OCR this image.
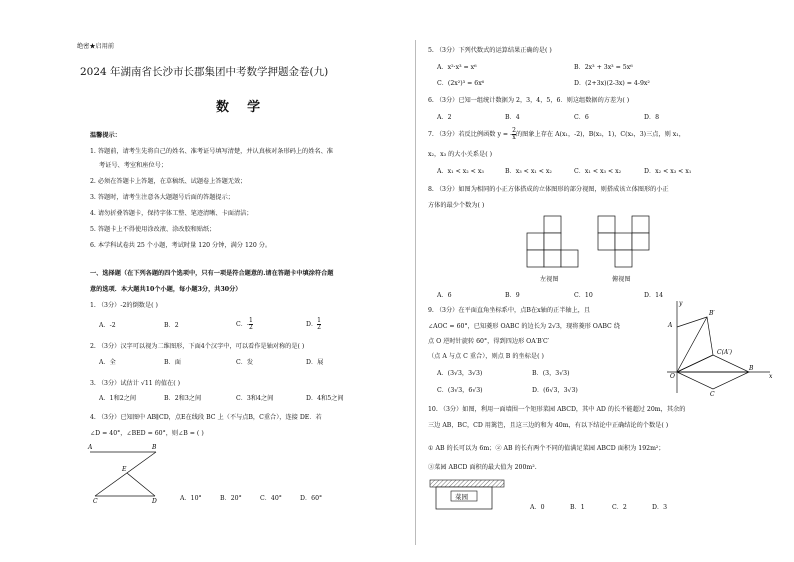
绝密★启用前
2024 年湖南省长沙市长郡集团中考数学押题金卷(九)
数    学
温馨提示：
1. 答题前，请考生先将自己的姓名、准考证号填写清楚，并认真核对条形码上的姓名、准
考证号、考室和座位号；
2. 必须在答题卡上答题，在草稿纸、试题卷上答题无效；
3. 答题时，请考生注意各大题题号后面的答题提示；
4. 请勿折叠答题卡，保持字体工整、笔迹清晰、卡面清洁；
5. 答题卡上不得使用涂改液、涂改胶和贴纸；
6. 本学科试卷共 25 个小题，考试时量 120 分钟，满分 120 分。
一、选择题（在下列各题的四个选项中，只有一项是符合题意的.请在答题卡中填涂符合题
意的选项．本大题共10个小题，每小题3分，共30分）
1. （3分）-2的倒数是( )
A．-2	B．2	C．- $\frac{1}{2}$	D． $\frac{1}{2}$
2. （3分）汉字可以视为二维图形，下面4个汉字中，可以看作是轴对称的是( )
A．全	B．面	C．发	D．展
3. （3分）试估计 √11 的值在( )
A．1和2之间	B．2和3之间	C．3和4之间	D．4和5之间
4. （3分）已知图中 AB∥CD，点E在线段 BC 上（不与点B，C重合），连接 DE．若
∠D = 40°，∠BED = 60°，则∠B = ( )
A	B
E
C	D	A．10°	B．20°	C．40°	D．60°
5. （3分）下列代数式的运算结果正确的是( )
A．x²·x³ = x⁶	B．2x³ + 3x³ = 5x⁶
C．(2x²)³ = 6x⁶	D．(2+3x)(2-3x) = 4-9x²
6. （3分）已知一组统计数据为 2，3，4，5，6．则这组数据的方差为( )
A．2	B．4	C．6	D．8
7. （3分）若反比例函数 y = - $\frac{2}{x}$ 的图象上存在 A(x₁，-2)，B(x₂，1)，C(x₃，3)三点，则 x₁，
x₂，x₃ 的大小关系是( )
A．x₁ < x₂ < x₃	B．x₃ < x₁ < x₂	C．x₁ < x₃ < x₂	D．x₂ < x₃ < x₁
8. （3分）如图为相同的小正方体搭成的立体图形的部分视图，则搭成该立体图形的小正
方体的最少个数为( )
左视图	俯视图
A．6	B．9	C．10	D．14
9. （3分）在平面直角坐标系中，点B在x轴的正半轴上，且
∠AOC = 60°，已知菱形 OABC 的边长为 2√3，现将菱形 OABC 绕
点 O 逆时针旋转 60°，得到四边形 OA′B′C′
（点 A 与点 C 重合），则点 B 的坐标是( )
A．(3√3，3√3)	B．(3，3√3)
C．(3√3，6√3)	D．(6√3，3√3)
y
B′
C(A′)
A
B
C
O	x
10. （3分）如图，利用一面墙围一个矩形菜园 ABCD，其中 AD 的长不能超过 20m，其余的
三边 AB，BC，CD 用篱笆，且这三边的和为 40m，有以下结论中正确结论的个数是( )
① AB 的长可以为 6m；② AB 的长有两个不同的值满足菜园 ABCD 面积为 192m²；
③菜园 ABCD 面积的最大值为 200m².
菜园
A．0	B．1	C．2	D．3
